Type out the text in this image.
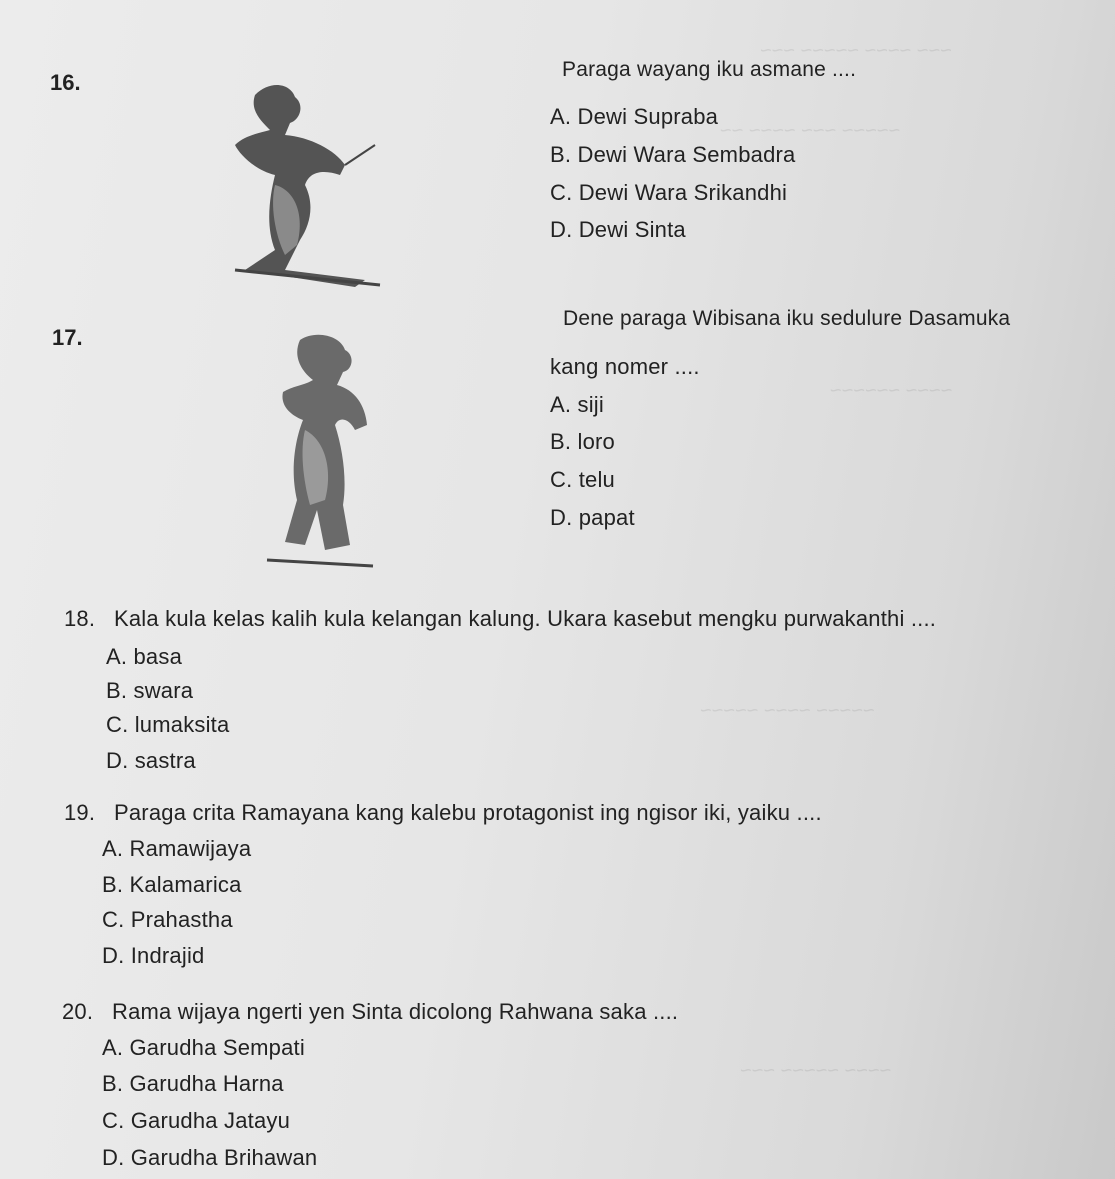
~~~ ~~~~ ~~~~~ ~~~
~~~~~ ~~~ ~~~~ ~~
~~~~ ~~~~~~
~~~~~ ~~~~ ~~~~~
~~~~ ~~~~~ ~~~
16.
Paraga wayang iku asmane ....
A. Dewi Supraba
B. Dewi Wara Sembadra
C. Dewi Wara Srikandhi
D. Dewi Sinta
17.
Dene paraga Wibisana iku sedulure Dasamuka
kang nomer ....
A. siji
B. loro
C. telu
D. papat
18. Kala kula kelas kalih kula kelangan kalung. Ukara kasebut mengku purwakanthi ....
A. basa
B. swara
C. lumaksita
D. sastra
19. Paraga crita Ramayana kang kalebu protagonist ing ngisor iki, yaiku ....
A. Ramawijaya
B. Kalamarica
C. Prahastha
D. Indrajid
20. Rama wijaya ngerti yen Sinta dicolong Rahwana saka ....
A. Garudha Sempati
B. Garudha Harna
C. Garudha Jatayu
D. Garudha Brihawan
